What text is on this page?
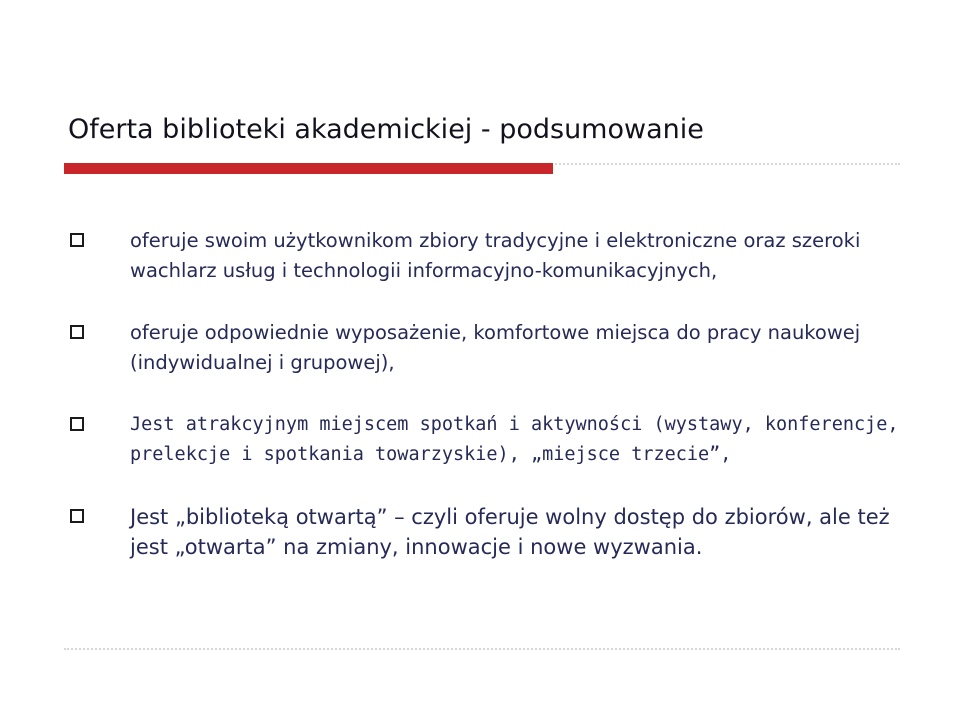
Oferta biblioteki akademickiej - podsumowanie
oferuje swoim użytkownikom zbiory tradycyjne i elektroniczne oraz szeroki wachlarz usług i technologii informacyjno-komunikacyjnych,
oferuje odpowiednie wyposażenie, komfortowe miejsca do pracy naukowej (indywidualnej i grupowej),
Jest atrakcyjnym miejscem spotkań i aktywności (wystawy, konferencje, prelekcje i spotkania towarzyskie), „miejsce trzecie”,
Jest „biblioteką otwartą” – czyli oferuje wolny dostęp do zbiorów, ale też jest „otwarta” na zmiany, innowacje i nowe wyzwania.
